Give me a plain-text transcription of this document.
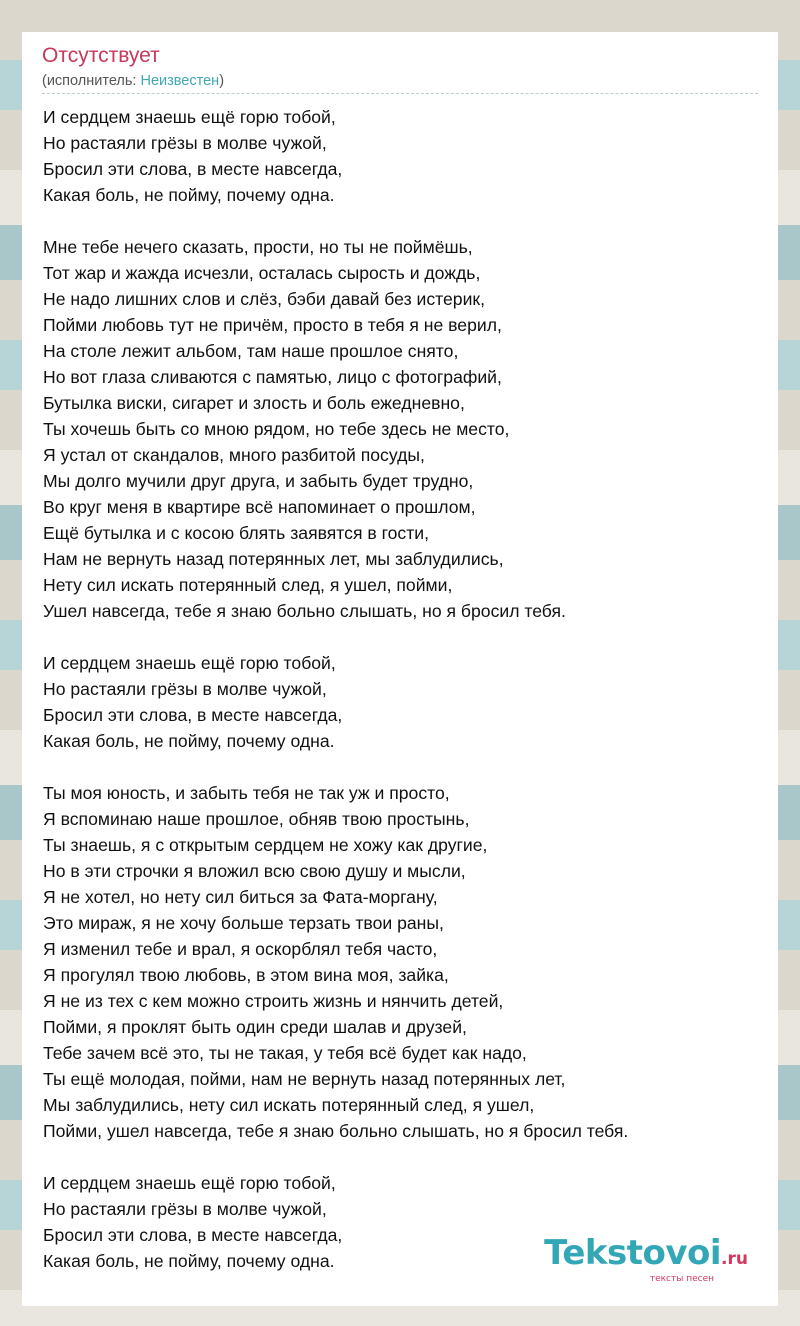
Отсутствует
(исполнитель: Неизвестен)
И сердцем знаешь ещё горю тобой,
Но растаяли грёзы в молве чужой,
Бросил эти слова, в месте навсегда,
Какая боль, не пойму, почему одна.
Мне тебе нечего сказать, прости, но ты не поймёшь,
Тот жар и жажда исчезли, осталась сырость и дождь,
Не надо лишних слов и слёз, бэби давай без истерик,
Пойми любовь тут не причём, просто в тебя я не верил,
На столе лежит альбом, там наше прошлое снято,
Но вот глаза сливаются с памятью, лицо с фотографий,
Бутылка виски, сигарет и злость и боль ежедневно,
Ты хочешь быть со мною рядом, но тебе здесь не место,
Я устал от скандалов, много разбитой посуды,
Мы долго мучили друг друга, и забыть будет трудно,
Во круг меня в квартире всё напоминает о прошлом,
Ещё бутылка и с косою блять заявятся в гости,
Нам не вернуть назад потерянных лет, мы заблудились,
Нету сил искать потерянный след, я ушел, пойми,
Ушел навсегда, тебе я знаю больно слышать, но я бросил тебя.
И сердцем знаешь ещё горю тобой,
Но растаяли грёзы в молве чужой,
Бросил эти слова, в месте навсегда,
Какая боль, не пойму, почему одна.
Ты моя юность, и забыть тебя не так уж и просто,
Я вспоминаю наше прошлое, обняв твою простынь,
Ты знаешь, я с открытым сердцем не хожу как другие,
Но в эти строчки я вложил всю свою душу и мысли,
Я не хотел, но нету сил биться за Фата-моргану,
Это мираж, я не хочу больше терзать твои раны,
Я изменил тебе и врал, я оскорблял тебя часто,
Я прогулял твою любовь, в этом вина моя, зайка,
Я не из тех с кем можно строить жизнь и нянчить детей,
Пойми, я проклят быть один среди шалав и друзей,
Тебе зачем всё это, ты не такая, у тебя всё будет как надо,
Ты ещё молодая, пойми, нам не вернуть назад потерянных лет,
Мы заблудились, нету сил искать потерянный след, я ушел,
Пойми, ушел навсегда, тебе я знаю больно слышать, но я бросил тебя.
И сердцем знаешь ещё горю тобой,
Но растаяли грёзы в молве чужой,
Бросил эти слова, в месте навсегда,
Какая боль, не пойму, почему одна.	Tekstovoi.ru
тексты песен
